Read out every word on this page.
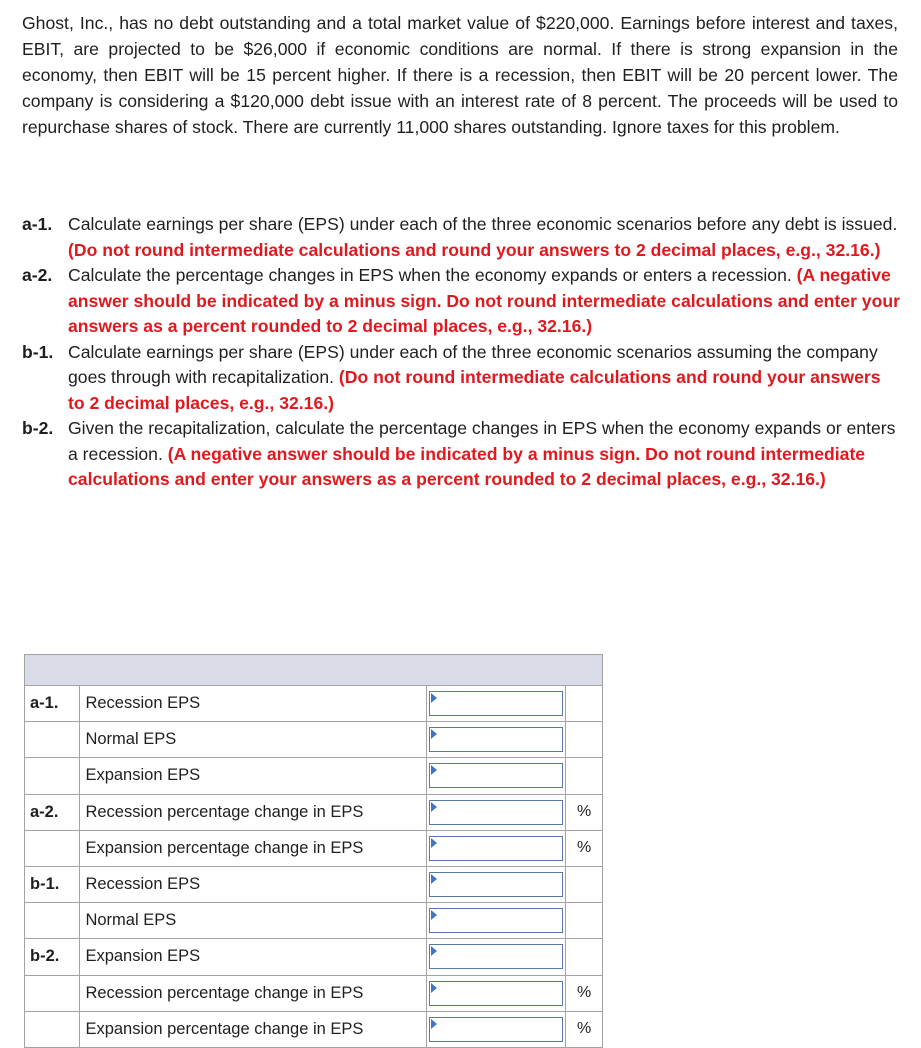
Ghost, Inc., has no debt outstanding and a total market value of $220,000. Earnings before interest and taxes, EBIT, are projected to be $26,000 if economic conditions are normal. If there is strong expansion in the economy, then EBIT will be 15 percent higher. If there is a recession, then EBIT will be 20 percent lower. The company is considering a $120,000 debt issue with an interest rate of 8 percent. The proceeds will be used to repurchase shares of stock. There are currently 11,000 shares outstanding. Ignore taxes for this problem.

a-1. Calculate earnings per share (EPS) under each of the three economic scenarios before any debt is issued. (Do not round intermediate calculations and round your answers to 2 decimal places, e.g., 32.16.)
a-2. Calculate the percentage changes in EPS when the economy expands or enters a recession. (A negative answer should be indicated by a minus sign. Do not round intermediate calculations and enter your answers as a percent rounded to 2 decimal places, e.g., 32.16.)
b-1. Calculate earnings per share (EPS) under each of the three economic scenarios assuming the company goes through with recapitalization. (Do not round intermediate calculations and round your answers to 2 decimal places, e.g., 32.16.)
b-2. Given the recapitalization, calculate the percentage changes in EPS when the economy expands or enters a recession. (A negative answer should be indicated by a minus sign. Do not round intermediate calculations and enter your answers as a percent rounded to 2 decimal places, e.g., 32.16.)

a-1.	Recession EPS	

	Normal EPS	

	Expansion EPS	

a-2.	Recession percentage change in EPS		%
	Expansion percentage change in EPS		%
b-1.	Recession EPS	

	Normal EPS	

b-2.	Expansion EPS	

	Recession percentage change in EPS		%
	Expansion percentage change in EPS		%
